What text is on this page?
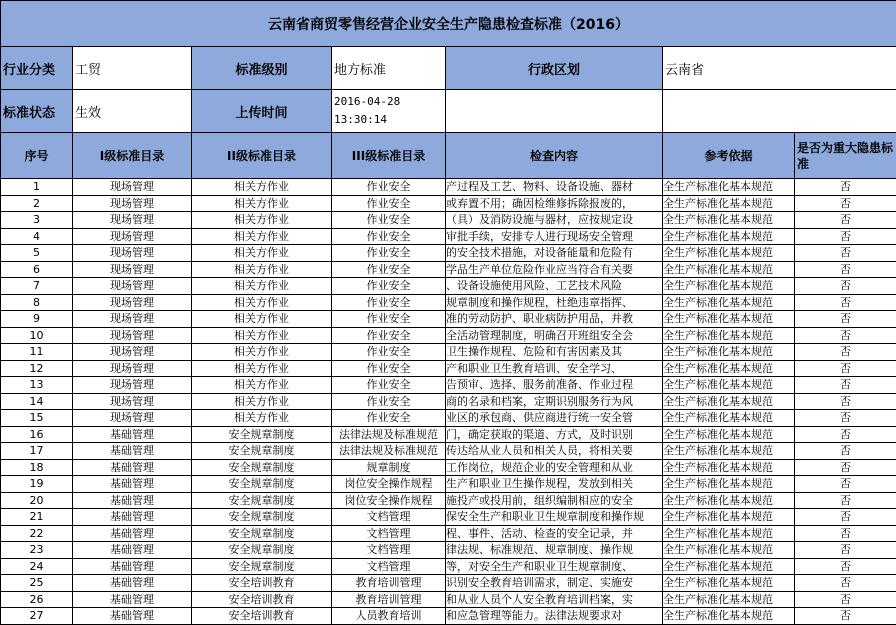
云南省商贸零售经营企业安全生产隐患检查标准（2016）						
行业分类	工贸	标准级别	地方标准	行政区划	云南省	
标准状态	生效	上传时间	2016-04-28
13:30:14			
序号	I级标准目录	II级标准目录	III级标准目录	检查内容	参考依据	是否为重大隐患标准
1	现场管理	相关方作业	作业安全	产过程及工艺、物料、设备设施、器材	全生产标准化基本规范	否
2	现场管理	相关方作业	作业安全	或弃置不用；确因检维修拆除报废的，	全生产标准化基本规范	否
3	现场管理	相关方作业	作业安全	（具）及消防设施与器材，应按规定设	全生产标准化基本规范	否
4	现场管理	相关方作业	作业安全	审批手续，安排专人进行现场安全管理	全生产标准化基本规范	否
5	现场管理	相关方作业	作业安全	的安全技术措施，对设备能量和危险有	全生产标准化基本规范	否
6	现场管理	相关方作业	作业安全	学品生产单位危险作业应当符合有关要	全生产标准化基本规范	否
7	现场管理	相关方作业	作业安全	、设备设施使用风险、工艺技术风险	全生产标准化基本规范	否
8	现场管理	相关方作业	作业安全	规章制度和操作规程，杜绝违章指挥、	全生产标准化基本规范	否
9	现场管理	相关方作业	作业安全	准的劳动防护、职业病防护用品，并教	全生产标准化基本规范	否
10	现场管理	相关方作业	作业安全	全活动管理制度，明确召开班组安全会	全生产标准化基本规范	否
11	现场管理	相关方作业	作业安全	卫生操作规程、危险和有害因素及其	全生产标准化基本规范	否
12	现场管理	相关方作业	作业安全	产和职业卫生教育培训、安全学习、	全生产标准化基本规范	否
13	现场管理	相关方作业	作业安全	告预审、选择、服务前准备、作业过程	全生产标准化基本规范	否
14	现场管理	相关方作业	作业安全	商的名录和档案，定期识别服务行为风	全生产标准化基本规范	否
15	现场管理	相关方作业	作业安全	业区的承包商、供应商进行统一安全管	全生产标准化基本规范	否
16	基础管理	安全规章制度	法律法规及标准规范	门，确定获取的渠道、方式，及时识别	全生产标准化基本规范	否
17	基础管理	安全规章制度	法律法规及标准规范	传达给从业人员和相关人员，将相关要	全生产标准化基本规范	否
18	基础管理	安全规章制度	规章制度	工作岗位，规范企业的安全管理和从业	全生产标准化基本规范	否
19	基础管理	安全规章制度	岗位安全操作规程	生产和职业卫生操作规程，发放到相关	全生产标准化基本规范	否
20	基础管理	安全规章制度	岗位安全操作规程	施投产或投用前，组织编制相应的安全	全生产标准化基本规范	否
21	基础管理	安全规章制度	文档管理	保安全生产和职业卫生规章制度和操作规	全生产标准化基本规范	否
22	基础管理	安全规章制度	文档管理	程、事件、活动、检查的安全记录，并	全生产标准化基本规范	否
23	基础管理	安全规章制度	文档管理	律法规、标准规范、规章制度、操作规	全生产标准化基本规范	否
24	基础管理	安全规章制度	文档管理	等，对安全生产和职业卫生规章制度、	全生产标准化基本规范	否
25	基础管理	安全培训教育	教育培训管理	识别安全教育培训需求，制定、实施安	全生产标准化基本规范	否
26	基础管理	安全培训教育	教育培训管理	和从业人员个人安全教育培训档案，实	全生产标准化基本规范	否
27	基础管理	安全培训教育	人员教育培训	和应急管理等能力。法律法规要求对	全生产标准化基本规范	否
